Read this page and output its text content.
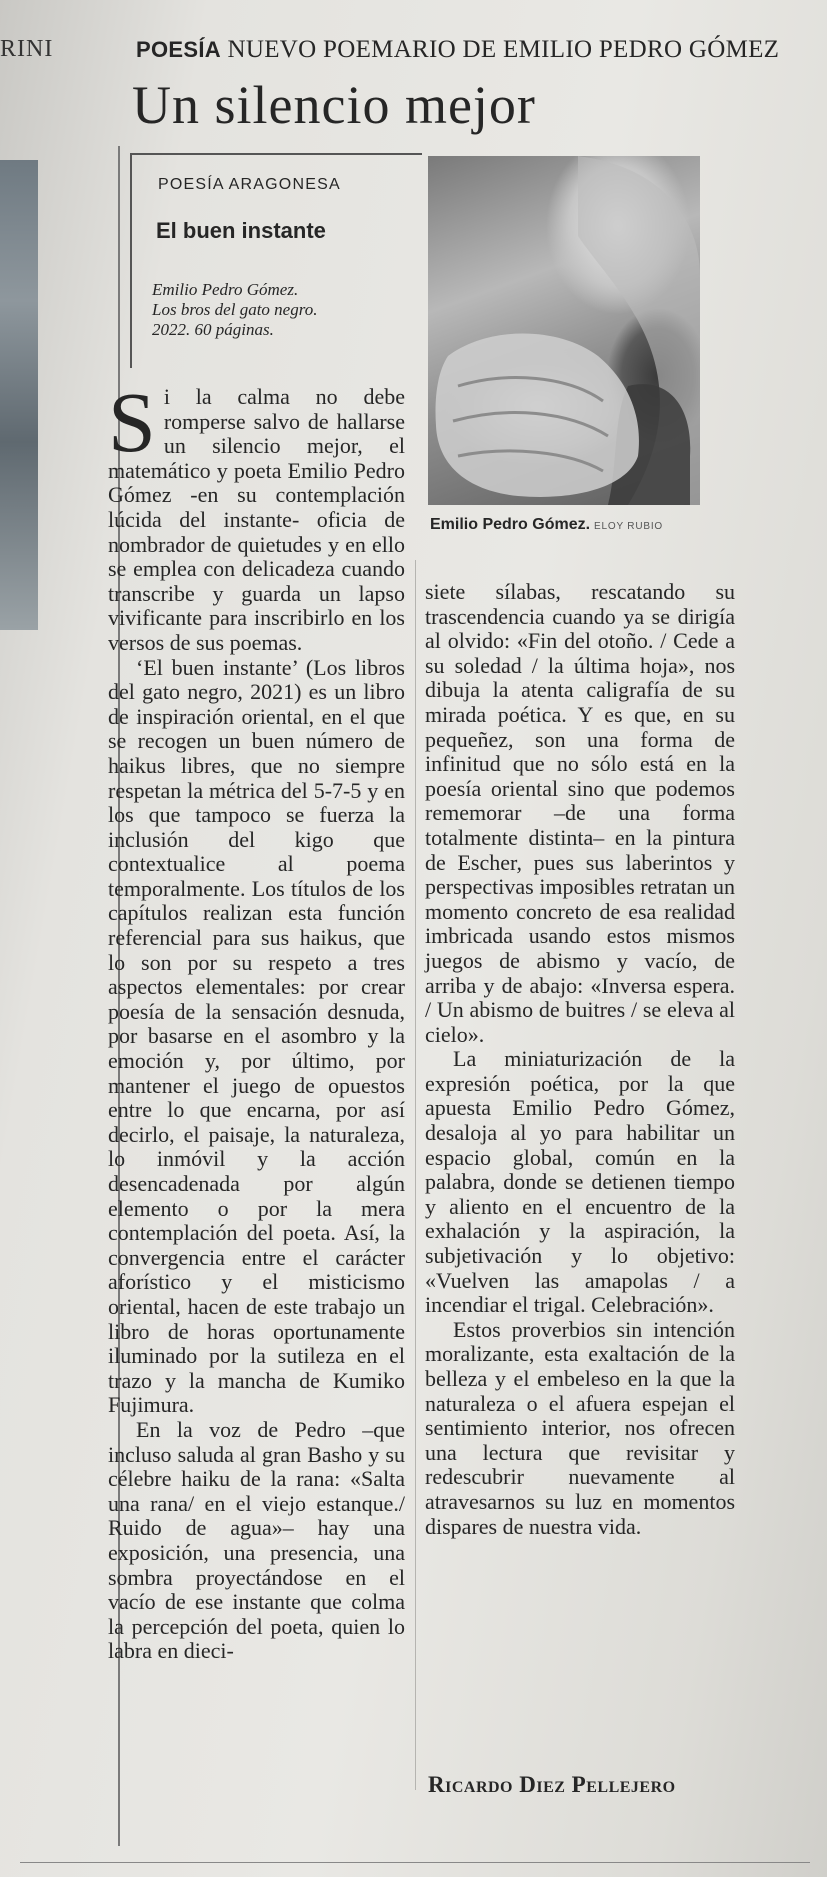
RINI	POESÍA NUEVO POEMARIO DE EMILIO PEDRO GÓMEZ
Un silencio mejor
POESÍA ARAGONESA
El buen instante
Emilio Pedro Gómez.
Los bros del gato negro.
2022. 60 páginas.
Emilio Pedro Gómez. ELOY RUBIO

Si la calma no debe romperse salvo de hallarse un silencio mejor, el matemático y poeta Emilio Pedro Gómez -en su contemplación lúcida del instante- oficia de nombrador de quietudes y en ello se emplea con delicadeza cuando transcribe y guarda un lapso vivificante para inscribirlo en los versos de sus poemas.

‘El buen instante’ (Los libros del gato negro, 2021) es un libro de inspiración oriental, en el que se recogen un buen número de haikus libres, que no siempre respetan la métrica del 5-7-5 y en los que tampoco se fuerza la inclusión del kigo que contextualice al poema temporalmente. Los títulos de los capítulos realizan esta función referencial para sus haikus, que lo son por su respeto a tres aspectos elementales: por crear poesía de la sensación desnuda, por basarse en el asombro y la emoción y, por último, por mantener el juego de opuestos entre lo que encarna, por así decirlo, el paisaje, la naturaleza, lo inmóvil y la acción desencadenada por algún elemento o por la mera contemplación del poeta. Así, la convergencia entre el carácter aforístico y el misticismo oriental, hacen de este trabajo un libro de horas oportunamente iluminado por la sutileza en el trazo y la mancha de Kumiko Fujimura.

En la voz de Pedro –que incluso saluda al gran Basho y su célebre haiku de la rana: «Salta una rana/ en el viejo estanque./ Ruido de agua»– hay una exposición, una presencia, una sombra proyectándose en el vacío de ese instante que colma la percepción del poeta, quien lo labra en dieci-

siete sílabas, rescatando su trascendencia cuando ya se dirigía al olvido: «Fin del otoño. / Cede a su soledad / la última hoja», nos dibuja la atenta caligrafía de su mirada poética. Y es que, en su pequeñez, son una forma de infinitud que no sólo está en la poesía oriental sino que podemos rememorar –de una forma totalmente distinta– en la pintura de Escher, pues sus laberintos y perspectivas imposibles retratan un momento concreto de esa realidad imbricada usando estos mismos juegos de abismo y vacío, de arriba y de abajo: «Inversa espera. / Un abismo de buitres / se eleva al cielo».

La miniaturización de la expresión poética, por la que apuesta Emilio Pedro Gómez, desaloja al yo para habilitar un espacio global, común en la palabra, donde se detienen tiempo y aliento en el encuentro de la exhalación y la aspiración, la subjetivación y lo objetivo: «Vuelven las amapolas / a incendiar el trigal. Celebración».

Estos proverbios sin intención moralizante, esta exaltación de la belleza y el embeleso en la que la naturaleza o el afuera espejan el sentimiento interior, nos ofrecen una lectura que revisitar y redescubrir nuevamente al atravesarnos su luz en momentos dispares de nuestra vida.

Ricardo Diez Pellejero
